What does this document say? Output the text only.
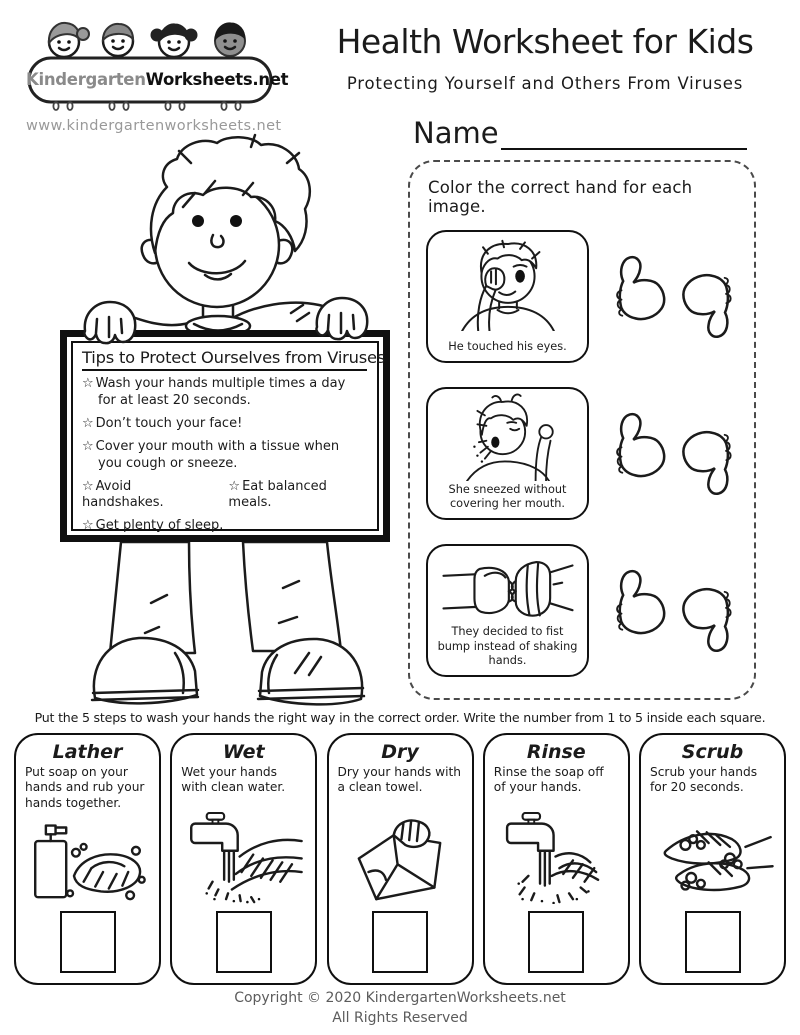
KindergartenWorksheets.net
www.kindergartenworksheets.net
Health Worksheet for Kids
Protecting Yourself and Others From Viruses
Name
Tips to Protect Ourselves from Viruses
☆ Wash your hands multiple times a day for at least 20 seconds.
☆ Don’t touch your face!
☆ Cover your mouth with a tissue when you cough or sneeze.
☆ Avoid handshakes.
☆ Eat balanced meals.
☆ Get plenty of sleep.
Color the correct hand for each image.
He touched his eyes.
She sneezed without covering her mouth.
They decided to fist bump instead of shaking hands.
Put the 5 steps to wash your hands the right way in the correct order. Write the number from 1 to 5 inside each square.
Lather
Put soap on your hands and rub your hands together.
Wet
Wet your hands with clean water.
Dry
Dry your hands with a clean towel.
Rinse
Rinse the soap off of your hands.
Scrub
Scrub your hands for 20 seconds.
Copyright © 2020 KindergartenWorksheets.net
All Rights Reserved
